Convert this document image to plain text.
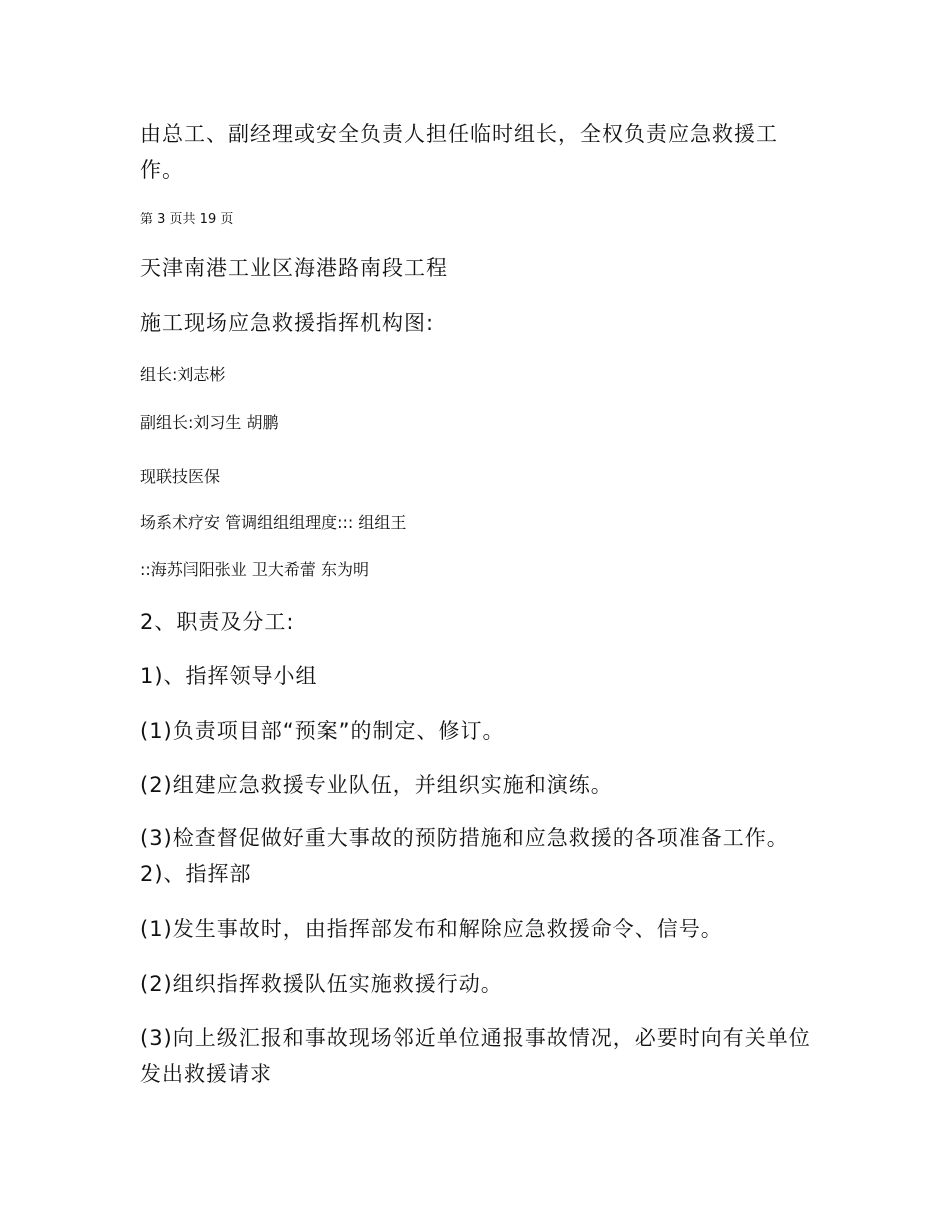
由总工、副经理或安全负责人担任临时组长，全权负责应急救援工作。

第 3 页共 19 页

天津南港工业区海港路南段工程

施工现场应急救援指挥机构图:

组长:刘志彬

副组长:刘习生 胡鹏

现联技医保

场系术疗安 管调组组组理度::: 组组王

::海苏闫阳张业 卫大希蕾 东为明

2、职责及分工:

1)、指挥领导小组

(1)负责项目部“预案”的制定、修订。

(2)组建应急救援专业队伍，并组织实施和演练。

(3)检查督促做好重大事故的预防措施和应急救援的各项准备工作。 2)、指挥部

(1)发生事故时，由指挥部发布和解除应急救援命令、信号。

(2)组织指挥救援队伍实施救援行动。

(3)向上级汇报和事故现场邻近单位通报事故情况，必要时向有关单位发出救援请求
